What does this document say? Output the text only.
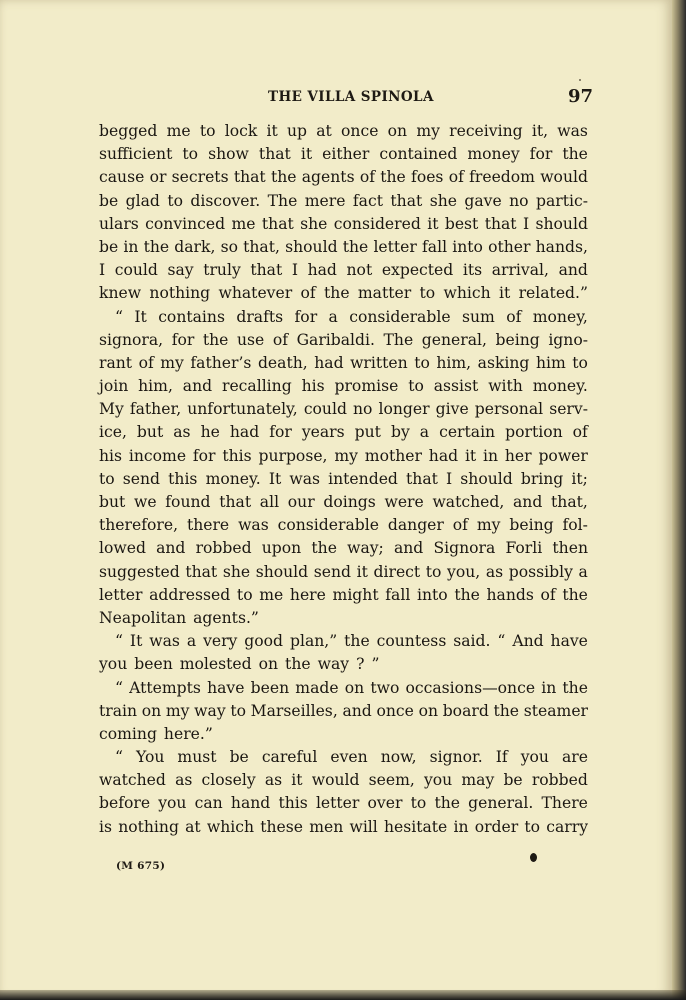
THE VILLA SPINOLA	97
begged me to lock it up at once on my receiving it, was
sufficient to show that it either contained money for the
cause or secrets that the agents of the foes of freedom would
be glad to discover. The mere fact that she gave no partic-
ulars convinced me that she considered it best that I should
be in the dark, so that, should the letter fall into other hands,
I could say truly that I had not expected its arrival, and
knew nothing whatever of the matter to which it related.”
“ It contains drafts for a considerable sum of money,
signora, for the use of Garibaldi. The general, being igno-
rant of my father’s death, had written to him, asking him to
join him, and recalling his promise to assist with money.
My father, unfortunately, could no longer give personal serv-
ice, but as he had for years put by a certain portion of
his income for this purpose, my mother had it in her power
to send this money. It was intended that I should bring it;
but we found that all our doings were watched, and that,
therefore, there was considerable danger of my being fol-
lowed and robbed upon the way; and Signora Forli then
suggested that she should send it direct to you, as possibly a
letter addressed to me here might fall into the hands of the
Neapolitan agents.”
“ It was a very good plan,” the countess said. “ And have
you been molested on the way ? ”
“ Attempts have been made on two occasions—once in the
train on my way to Marseilles, and once on board the steamer
coming here.”
“ You must be careful even now, signor. If you are
watched as closely as it would seem, you may be robbed
before you can hand this letter over to the general. There
is nothing at which these men will hesitate in order to carry
(M 675)
